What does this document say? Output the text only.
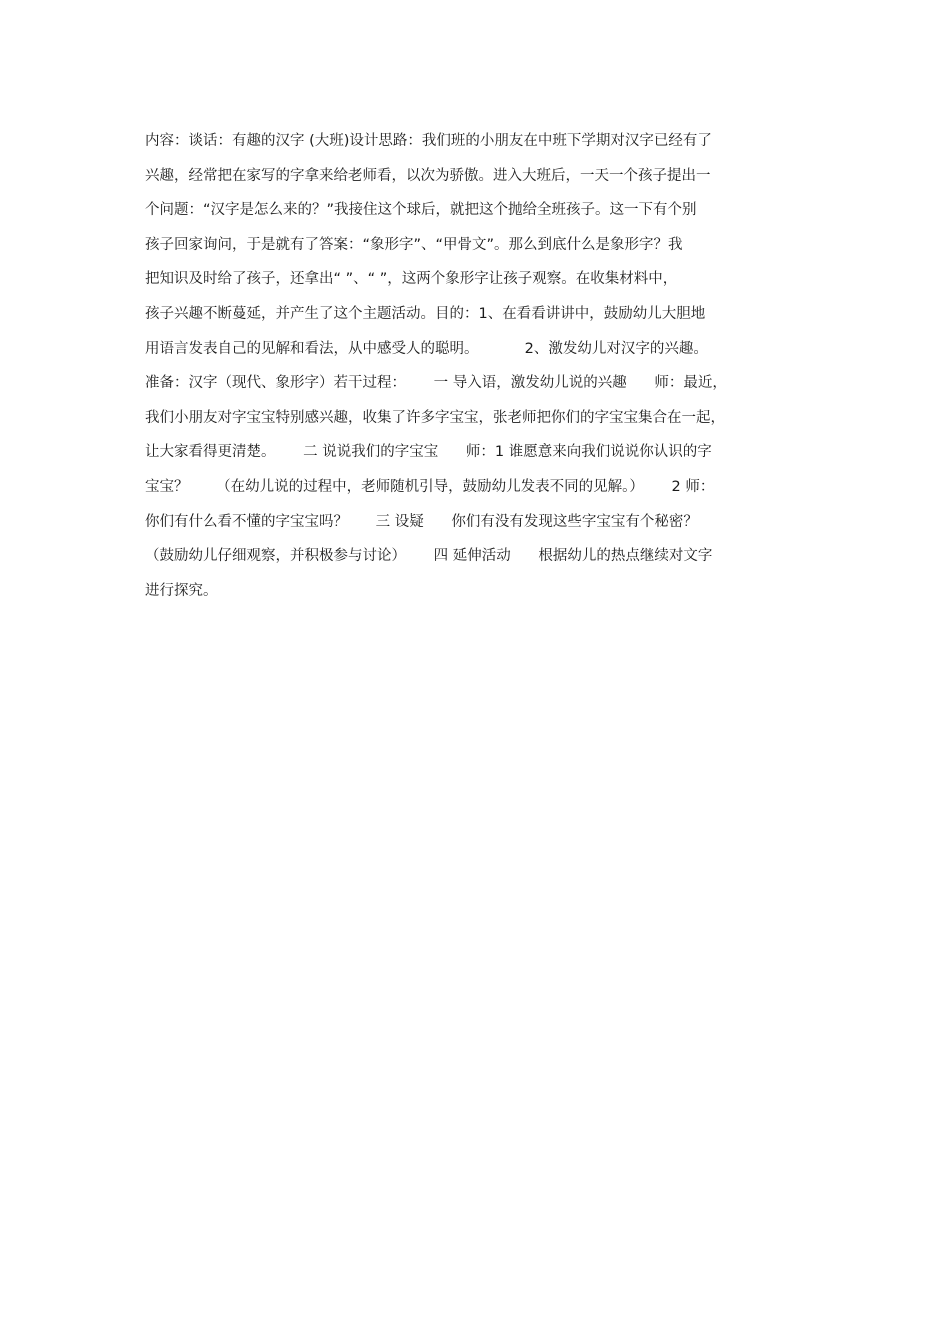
内容：谈话：有趣的汉字 (大班)设计思路：我们班的小朋友在中班下学期对汉字已经有了
兴趣，经常把在家写的字拿来给老师看，以次为骄傲。进入大班后，一天一个孩子提出一
个问题：“汉字是怎么来的？”我接住这个球后，就把这个抛给全班孩子。这一下有个别
孩子回家询问，于是就有了答案：“象形字”、“甲骨文”。那么到底什么是象形字？我
把知识及时给了孩子，还拿出“ ”、“ ”，这两个象形字让孩子观察。在收集材料中，
孩子兴趣不断蔓延，并产生了这个主题活动。目的：1、在看看讲讲中，鼓励幼儿大胆地
用语言发表自己的见解和看法，从中感受人的聪明。          2、激发幼儿对汉字的兴趣。
准备：汉字（现代、象形字）若干过程：      一 导入语，激发幼儿说的兴趣      师：最近，
我们小朋友对字宝宝特别感兴趣，收集了许多字宝宝，张老师把你们的字宝宝集合在一起，
让大家看得更清楚。      二 说说我们的字宝宝      师：1 谁愿意来向我们说说你认识的字
宝宝？      （在幼儿说的过程中，老师随机引导，鼓励幼儿发表不同的见解。）      2 师：
你们有什么看不懂的字宝宝吗？      三 设疑      你们有没有发现这些字宝宝有个秘密？
（鼓励幼儿仔细观察，并积极参与讨论）      四 延伸活动      根据幼儿的热点继续对文字
进行探究。
